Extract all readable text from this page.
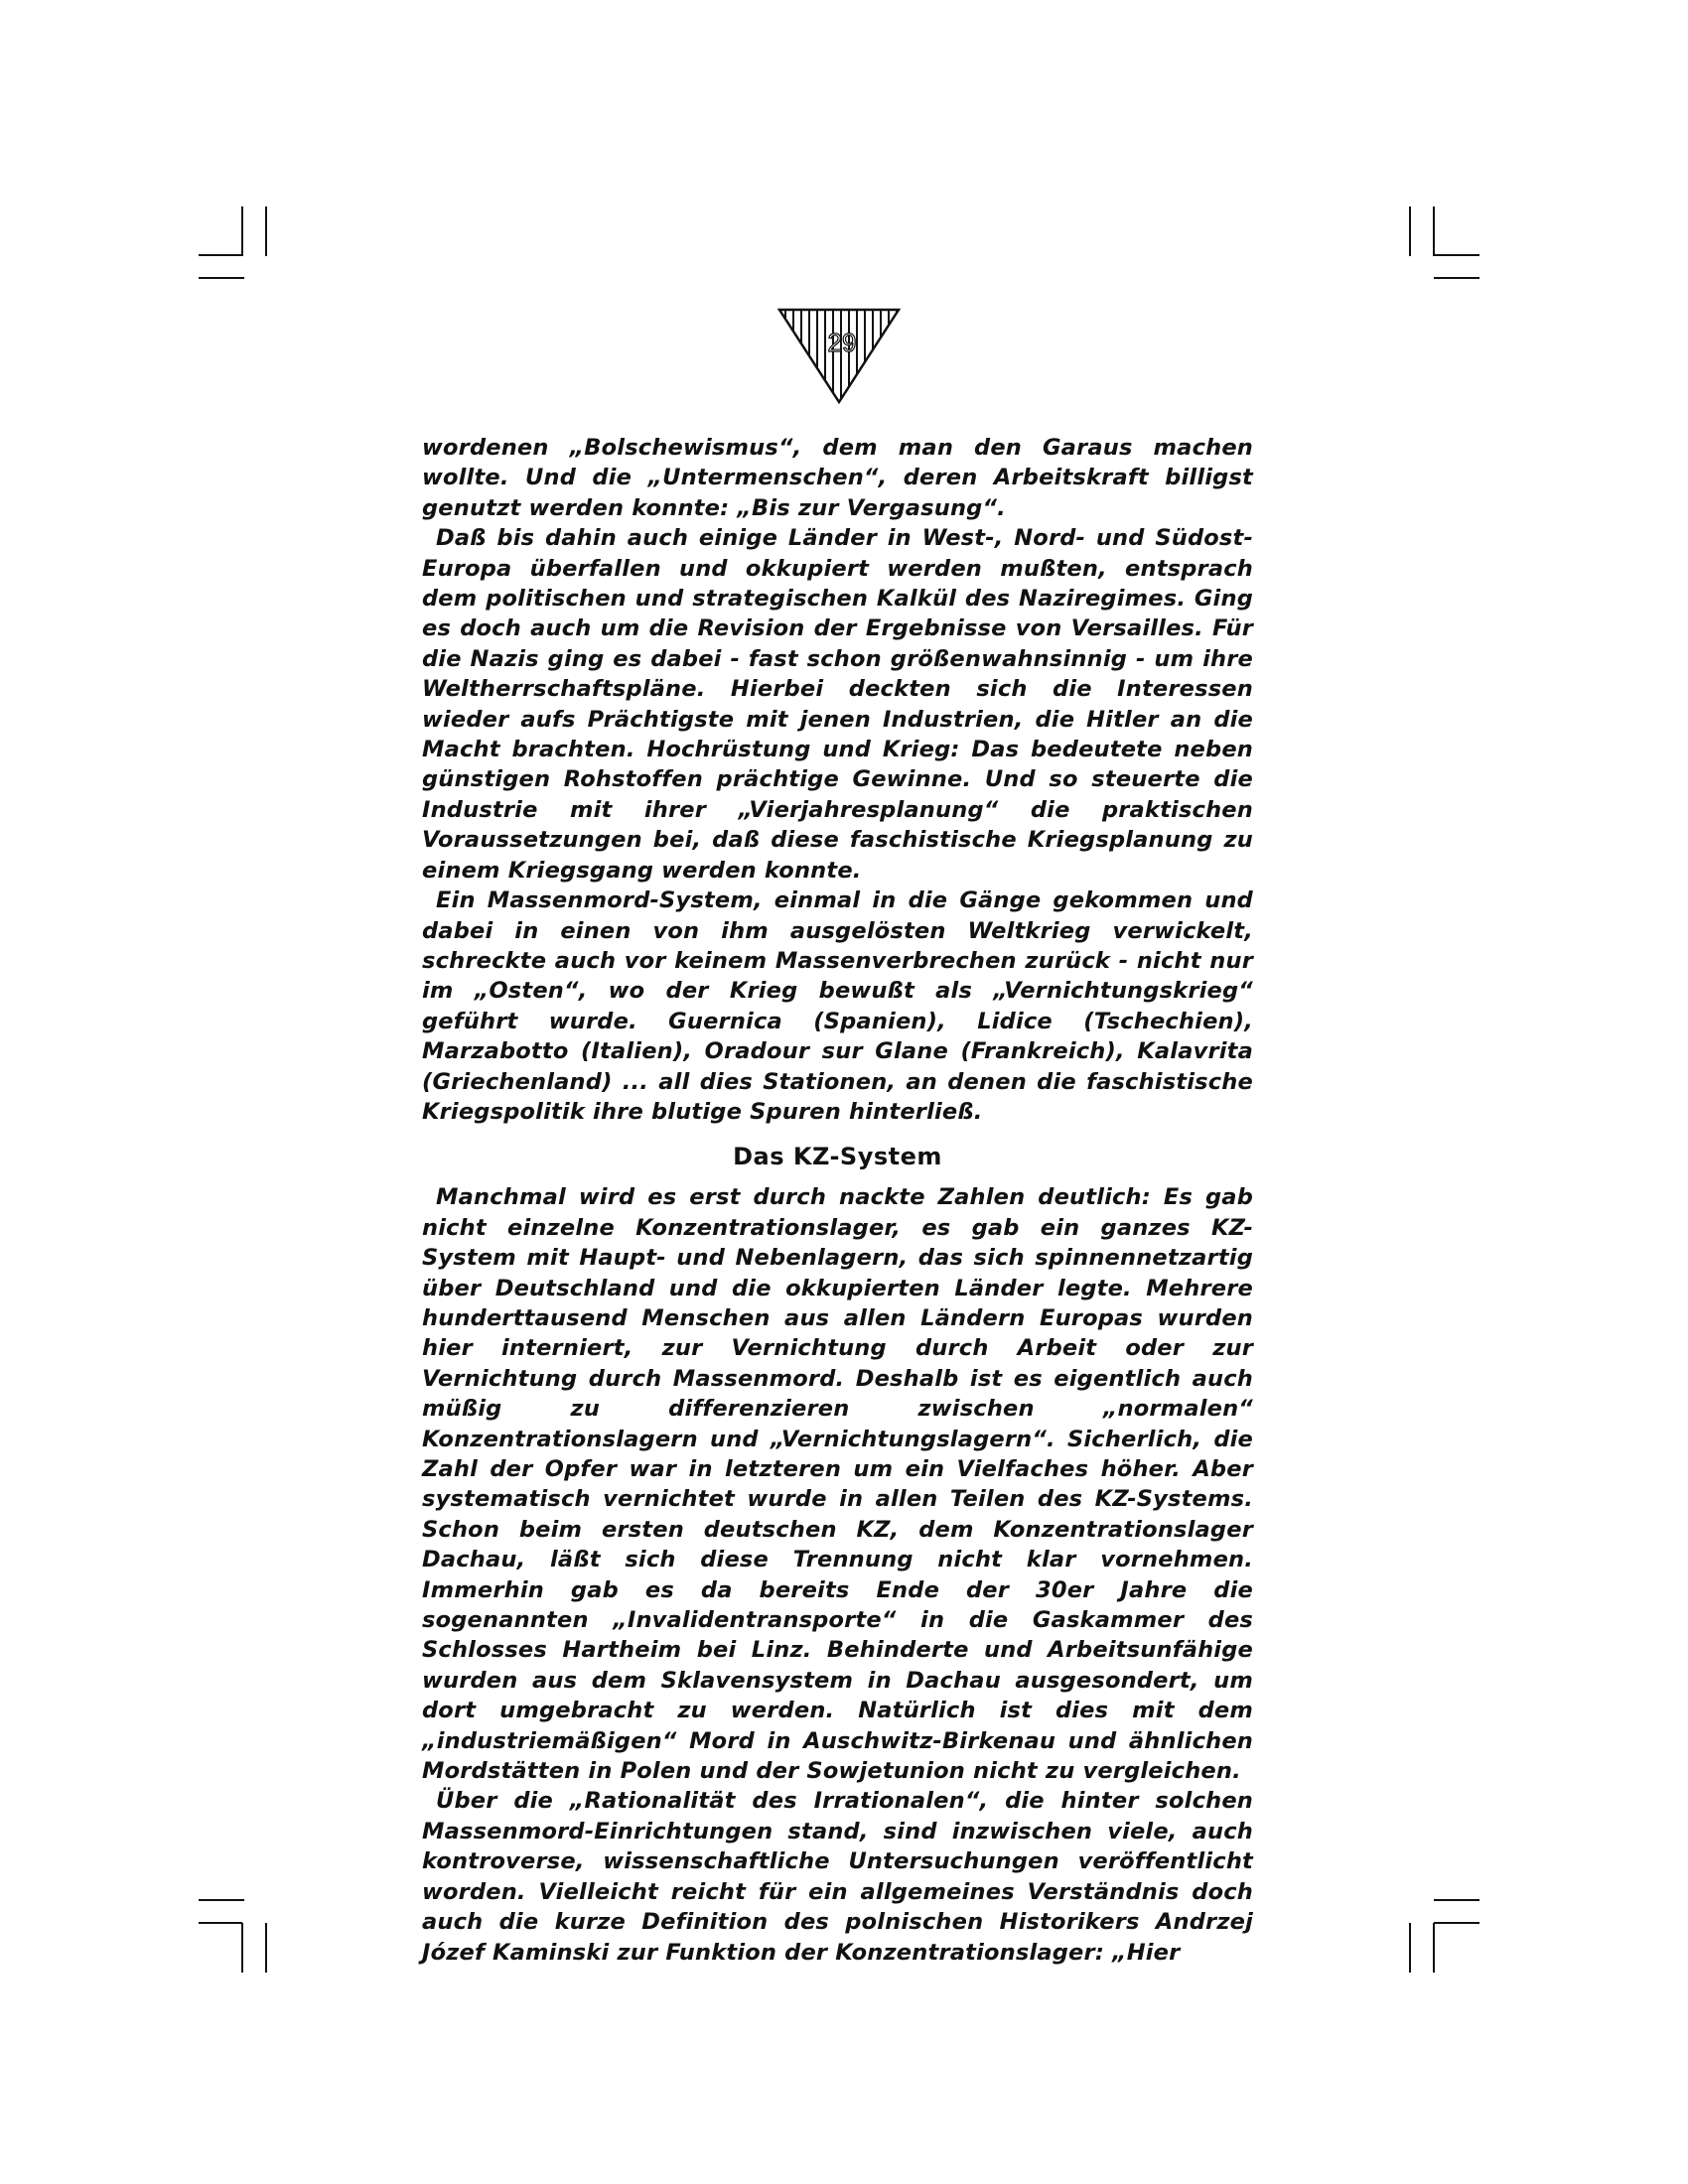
29

wordenen „Bolschewismus“, dem man den Garaus machen wollte. Und die „Untermenschen“, deren Arbeitskraft billigst genutzt werden konnte: „Bis zur Vergasung“.

Daß bis dahin auch einige Länder in West-, Nord- und Südost-Europa überfallen und okkupiert werden mußten, entsprach dem politischen und strategischen Kalkül des Naziregimes. Ging es doch auch um die Revision der Ergebnisse von Versailles. Für die Nazis ging es dabei - fast schon größenwahnsinnig - um ihre Weltherrschaftspläne. Hierbei deckten sich die Interessen wieder aufs Prächtigste mit jenen Industrien, die Hitler an die Macht brachten. Hochrüstung und Krieg: Das bedeutete neben günstigen Rohstoffen prächtige Gewinne. Und so steuerte die Industrie mit ihrer „Vierjahresplanung“ die praktischen Voraussetzungen bei, daß diese faschistische Kriegsplanung zu einem Kriegsgang werden konnte.

Ein Massenmord-System, einmal in die Gänge gekommen und dabei in einen von ihm ausgelösten Weltkrieg verwickelt, schreckte auch vor keinem Massenverbrechen zurück - nicht nur im „Osten“, wo der Krieg bewußt als „Vernichtungskrieg“ geführt wurde. Guernica (Spanien), Lidice (Tschechien), Marzabotto (Italien), Oradour sur Glane (Frankreich), Kalavrita (Griechenland) ... all dies Stationen, an denen die faschistische Kriegspolitik ihre blutige Spuren hinterließ.

Das KZ-System

Manchmal wird es erst durch nackte Zahlen deutlich: Es gab nicht einzelne Konzentrationslager, es gab ein ganzes KZ-System mit Haupt- und Nebenlagern, das sich spinnennetzartig über Deutschland und die okkupierten Länder legte. Mehrere hunderttausend Menschen aus allen Ländern Europas wurden hier interniert, zur Vernichtung durch Arbeit oder zur Vernichtung durch Massenmord. Deshalb ist es eigentlich auch müßig zu differenzieren zwischen „normalen“ Konzentrationslagern und „Vernichtungslagern“. Sicherlich, die Zahl der Opfer war in letzteren um ein Vielfaches höher. Aber systematisch vernichtet wurde in allen Teilen des KZ-Systems. Schon beim ersten deutschen KZ, dem Konzentrationslager Dachau, läßt sich diese Trennung nicht klar vornehmen. Immerhin gab es da bereits Ende der 30er Jahre die sogenannten „Invalidentransporte“ in die Gaskammer des Schlosses Hartheim bei Linz. Behinderte und Arbeitsunfähige wurden aus dem Sklavensystem in Dachau ausgesondert, um dort umgebracht zu werden. Natürlich ist dies mit dem „industriemäßigen“ Mord in Auschwitz-Birkenau und ähnlichen Mordstätten in Polen und der Sowjetunion nicht zu vergleichen.

Über die „Rationalität des Irrationalen“, die hinter solchen Massenmord-Einrichtungen stand, sind inzwischen viele, auch kontroverse, wissenschaftliche Untersuchungen veröffentlicht worden. Vielleicht reicht für ein allgemeines Verständnis doch auch die kurze Definition des polnischen Historikers Andrzej Józef Kaminski zur Funktion der Konzentrationslager: „Hier
